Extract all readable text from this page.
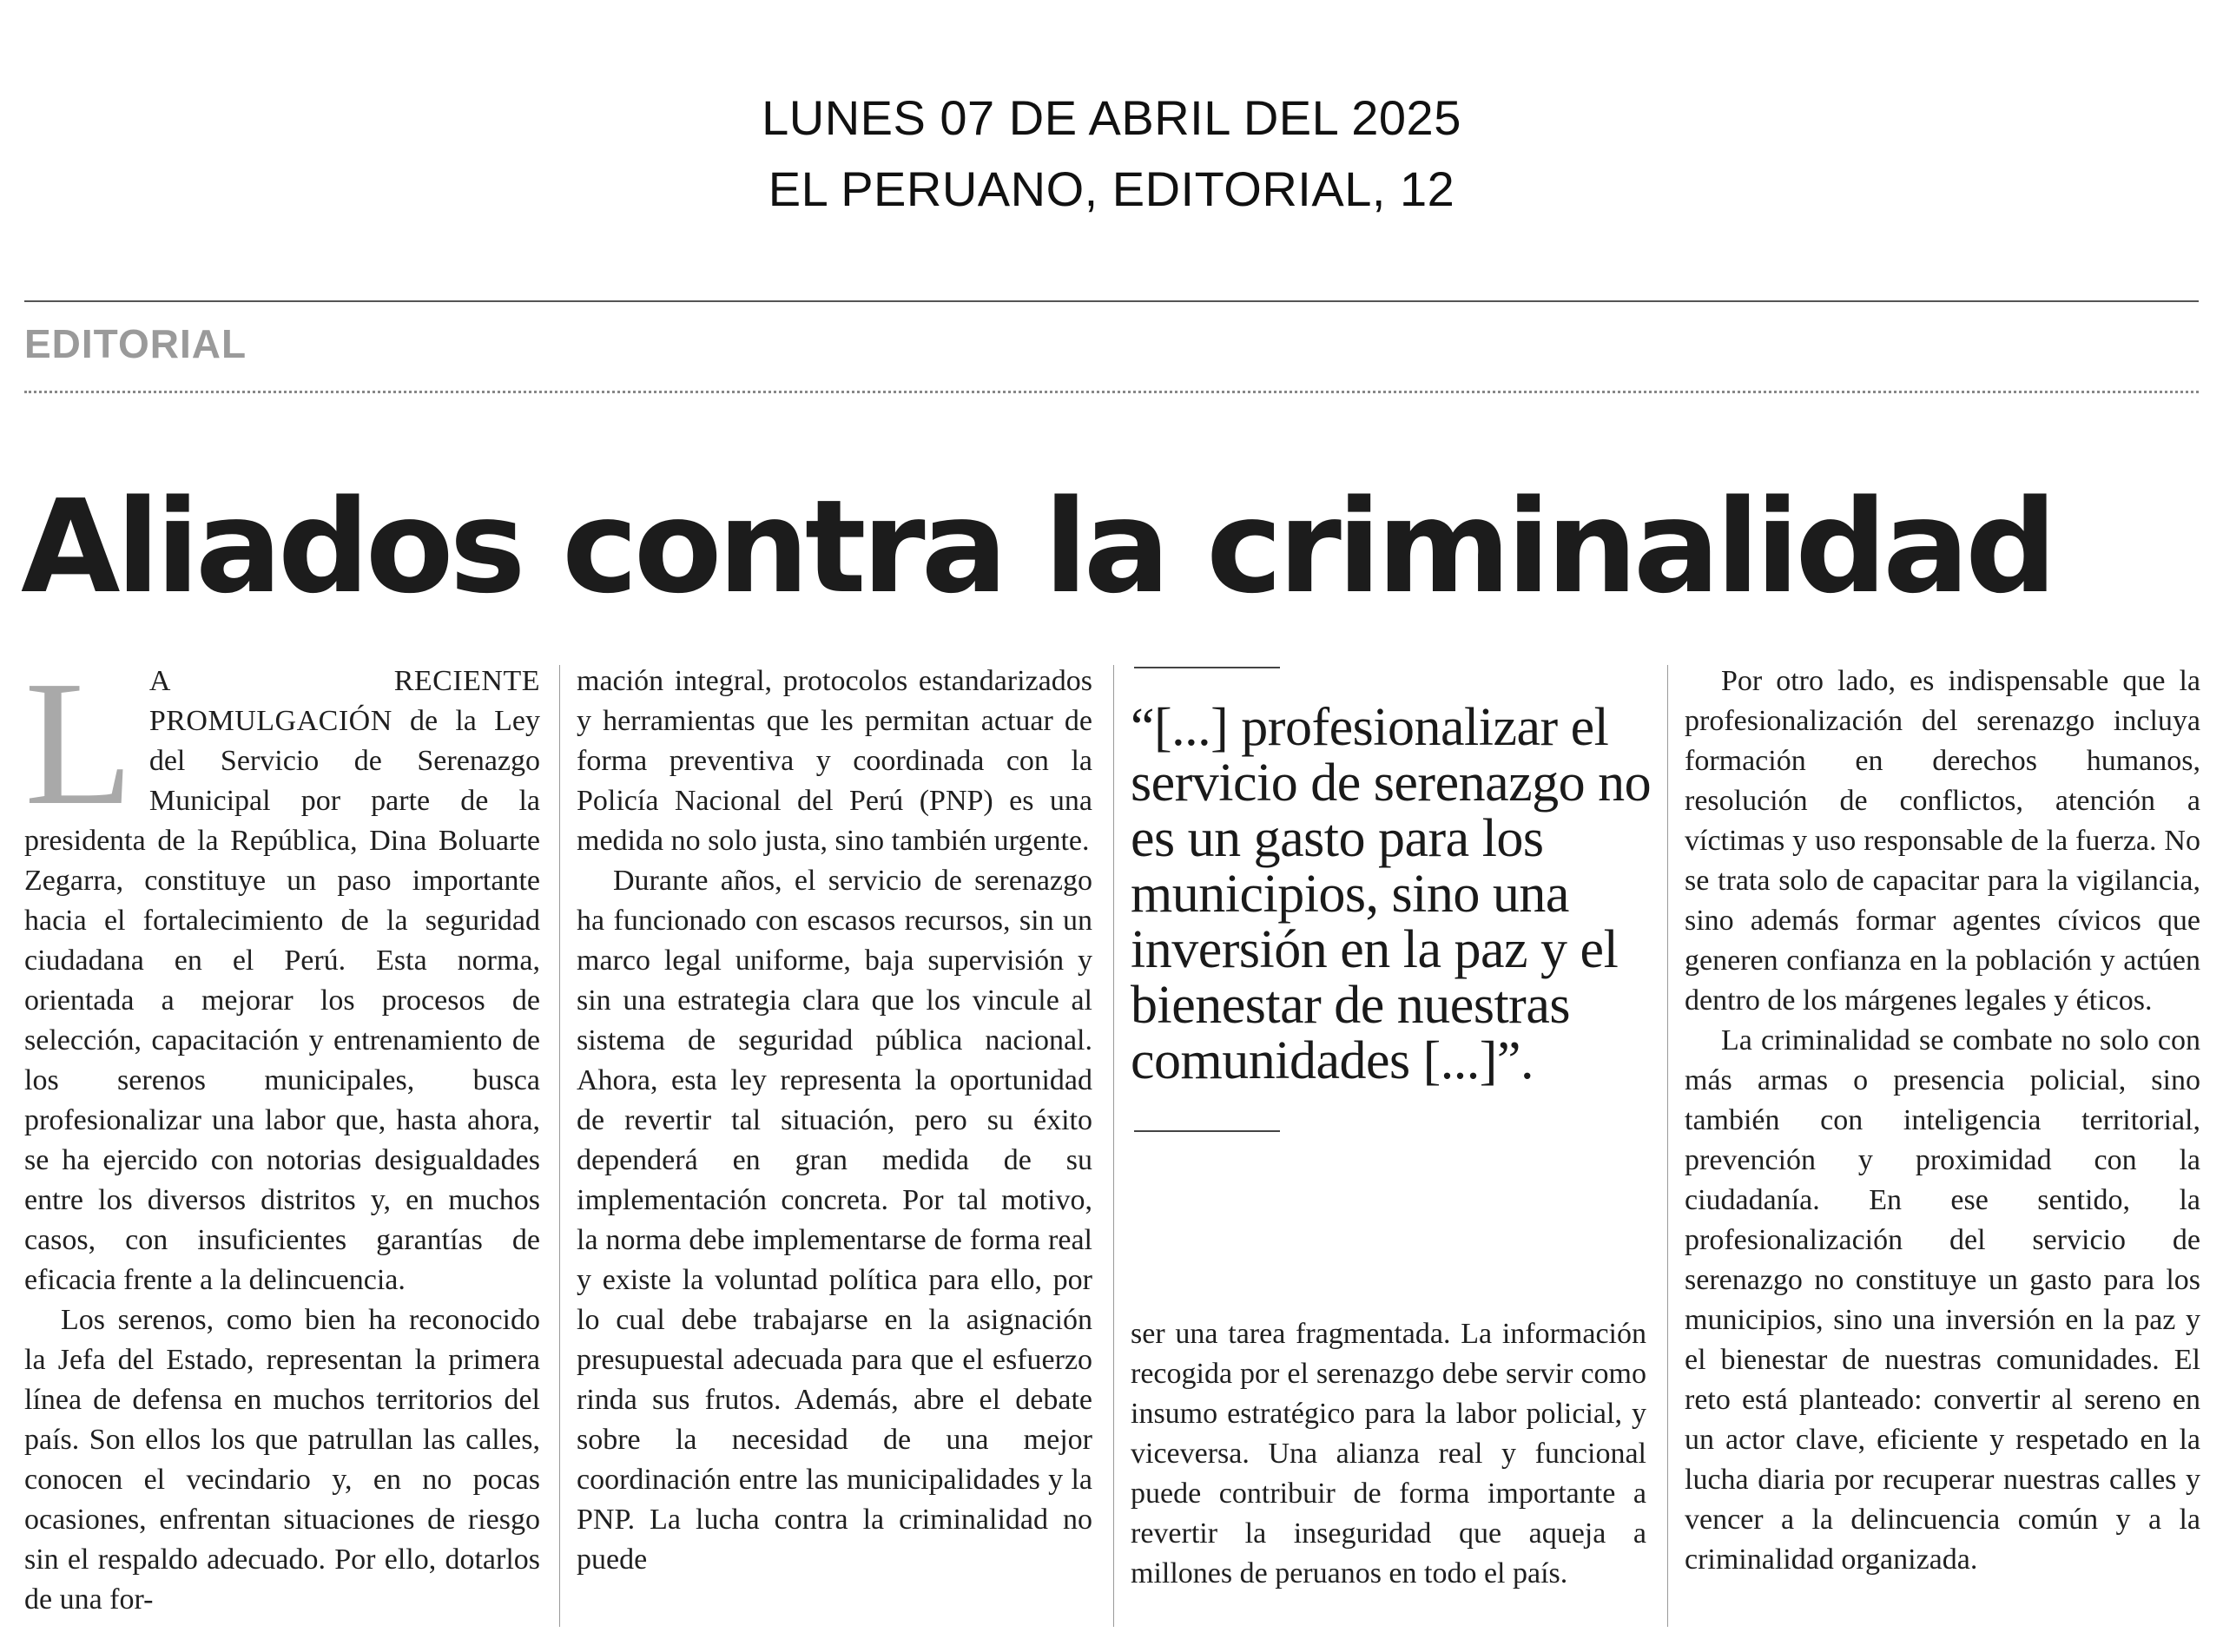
LUNES 07 DE ABRIL DEL 2025
EL PERUANO, EDITORIAL, 12
EDITORIAL
Aliados contra la criminalidad

L A RECIENTE PROMULGACIÓN de la Ley del Servicio de Serenazgo Municipal por parte de la presidenta de la República, Dina Boluarte Zegarra, constituye un paso importante hacia el fortalecimiento de la seguridad ciudadana en el Perú. Esta norma, orientada a mejorar los procesos de selección, capacitación y entrenamiento de los serenos municipales, busca profesionalizar una labor que, hasta ahora, se ha ejercido con notorias desigualdades entre los diversos distritos y, en muchos casos, con insuficientes garantías de eficacia frente a la delincuencia.

Los serenos, como bien ha reconocido la Jefa del Estado, representan la primera línea de defensa en muchos territorios del país. Son ellos los que patrullan las calles, conocen el vecindario y, en no pocas ocasiones, enfrentan situaciones de riesgo sin el respaldo adecuado. Por ello, dotarlos de una for-

mación integral, protocolos estandarizados y herramientas que les permitan actuar de forma preventiva y coordinada con la Policía Nacional del Perú (PNP) es una medida no solo justa, sino también urgente.

Durante años, el servicio de serenazgo ha funcionado con escasos recursos, sin un marco legal uniforme, baja supervisión y sin una estrategia clara que los vincule al sistema de seguridad pública nacional. Ahora, esta ley representa la oportunidad de revertir tal situación, pero su éxito dependerá en gran medida de su implementación concreta. Por tal motivo, la norma debe implementarse de forma real y existe la voluntad política para ello, por lo cual debe trabajarse en la asignación presupuestal adecuada para que el esfuerzo rinda sus frutos. Además, abre el debate sobre la necesidad de una mejor coordinación entre las municipalidades y la PNP. La lucha contra la criminalidad no puede

“[...] profesionalizar el servicio de serenazgo no es un gasto para los municipios, sino una inversión en la paz y el bienestar de nuestras comunidades [...]”.

ser una tarea fragmentada. La información recogida por el serenazgo debe servir como insumo estratégico para la labor policial, y viceversa. Una alianza real y funcional puede contribuir de forma importante a revertir la inseguridad que aqueja a millones de peruanos en todo el país.

Por otro lado, es indispensable que la profesionalización del serenazgo incluya formación en derechos humanos, resolución de conflictos, atención a víctimas y uso responsable de la fuerza. No se trata solo de capacitar para la vigilancia, sino además formar agentes cívicos que generen confianza en la población y actúen dentro de los márgenes legales y éticos.

La criminalidad se combate no solo con más armas o presencia policial, sino también con inteligencia territorial, prevención y proximidad con la ciudadanía. En ese sentido, la profesionalización del servicio de serenazgo no constituye un gasto para los municipios, sino una inversión en la paz y el bienestar de nuestras comunidades. El reto está planteado: convertir al sereno en un actor clave, eficiente y respetado en la lucha diaria por recuperar nuestras calles y vencer a la delincuencia común y a la criminalidad organizada.
